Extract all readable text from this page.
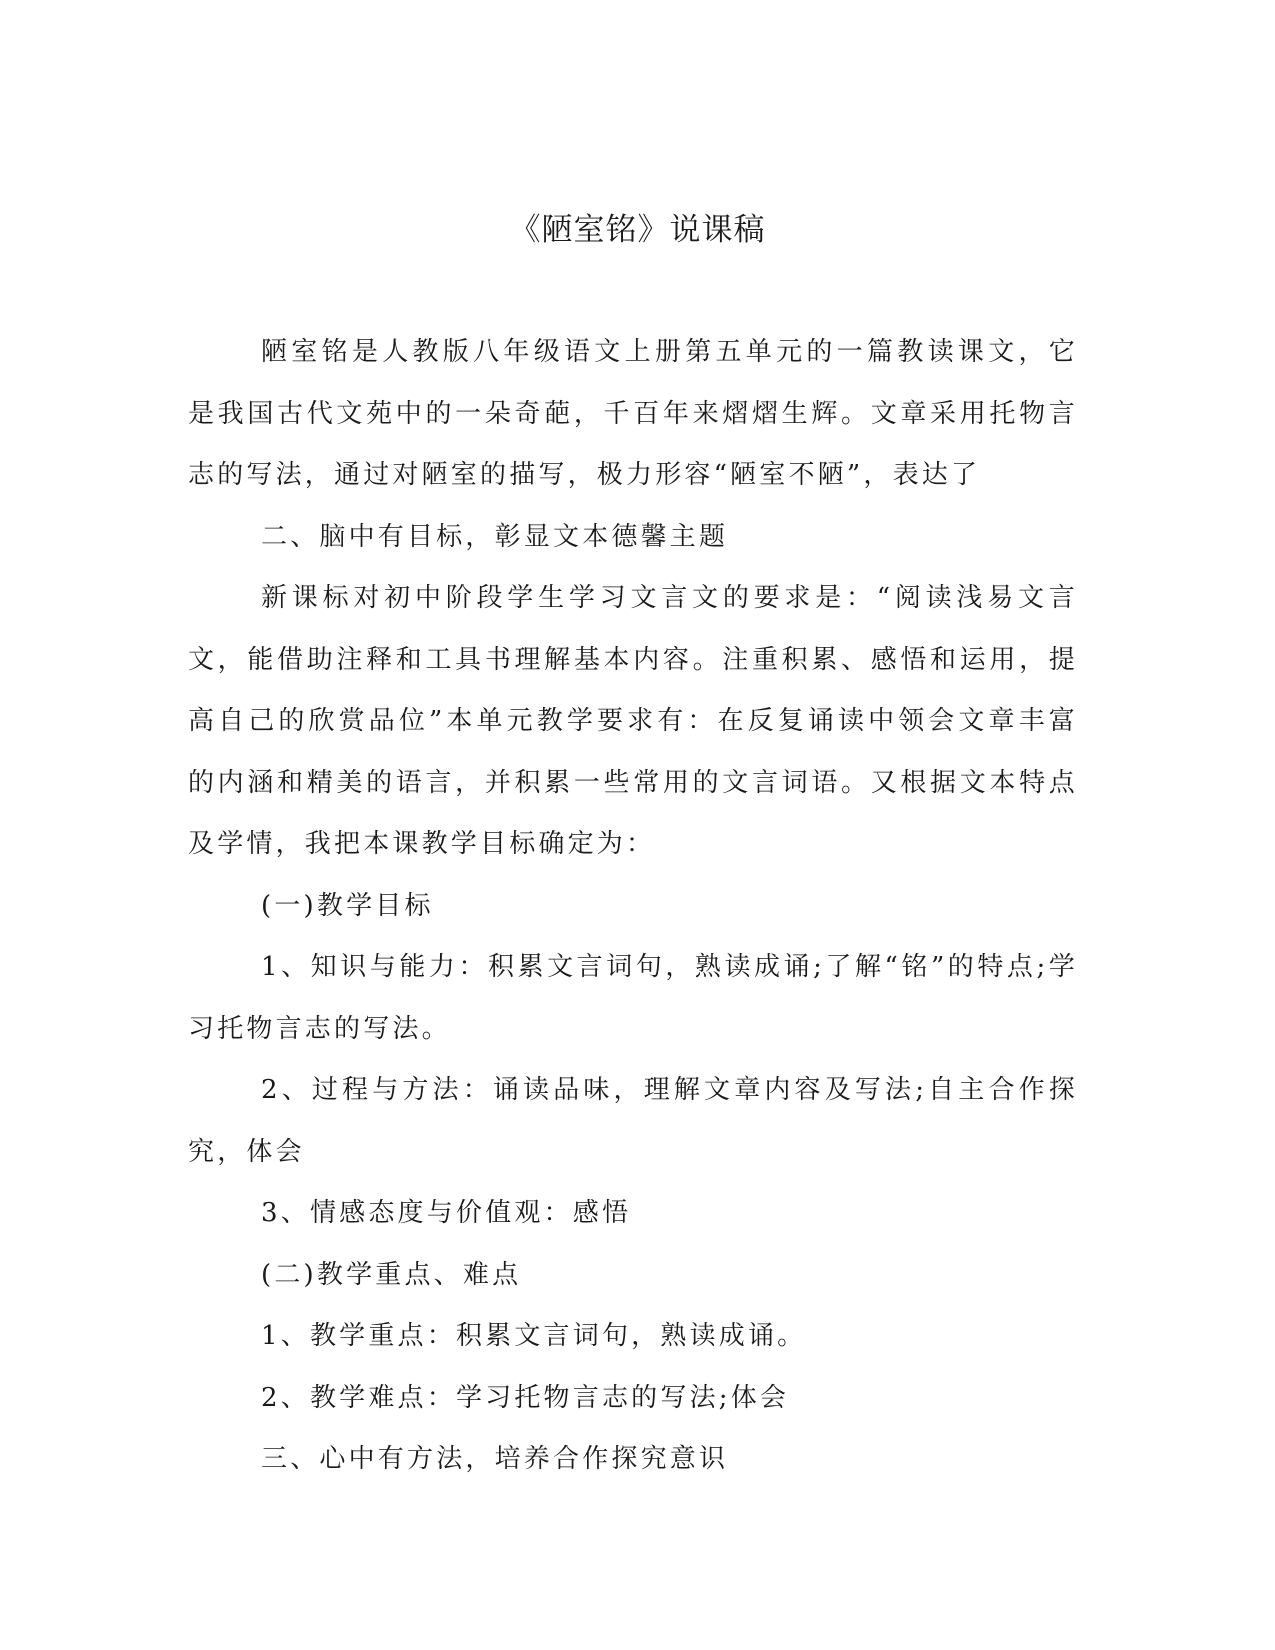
《陋室铭》说课稿

陋室铭是人教版八年级语文上册第五单元的一篇教读课文，它是我国古代文苑中的一朵奇葩，千百年来熠熠生辉。文章采用托物言志的写法，通过对陋室的描写，极力形容“陋室不陋”，表达了

二、脑中有目标，彰显文本德馨主题

新课标对初中阶段学生学习文言文的要求是：“阅读浅易文言文，能借助注释和工具书理解基本内容。注重积累、感悟和运用，提高自己的欣赏品位”本单元教学要求有：在反复诵读中领会文章丰富的内涵和精美的语言，并积累一些常用的文言词语。又根据文本特点及学情，我把本课教学目标确定为：

(一)教学目标

1、知识与能力：积累文言词句，熟读成诵;了解“铭”的特点;学习托物言志的写法。

2、过程与方法：诵读品味，理解文章内容及写法;自主合作探究，体会

3、情感态度与价值观：感悟

(二)教学重点、难点

1、教学重点：积累文言词句，熟读成诵。

2、教学难点：学习托物言志的写法;体会

三、心中有方法，培养合作探究意识
